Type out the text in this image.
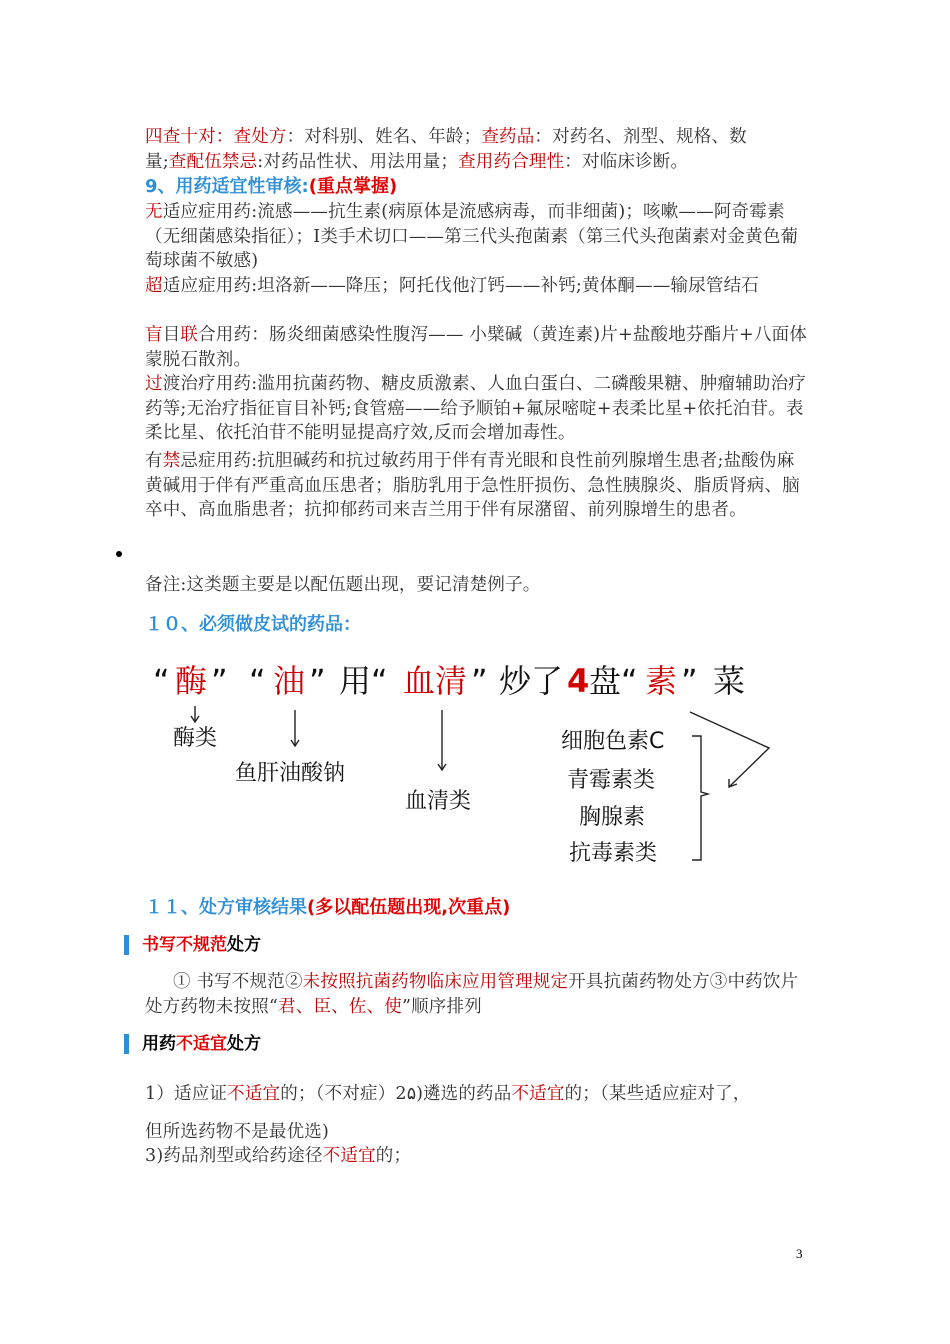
四查十对：查处方：对科别、姓名、年龄；查药品：对药名、剂型、规格、数
量;查配伍禁忌:对药品性状、用法用量；查用药合理性：对临床诊断。
9、用药适宜性审核:(重点掌握)
无适应症用药:流感——抗生素(病原体是流感病毒，而非细菌)；咳嗽——阿奇霉素（无细菌感染指征）；Ⅰ类手术切口——第三代头孢菌素（第三代头孢菌素对金黄色葡萄球菌不敏感)
超适应症用药:坦洛新——降压；阿托伐他汀钙——补钙;黄体酮——输尿管结石
盲目联合用药：肠炎细菌感染性腹泻—— 小檗碱（黄连素)片+盐酸地芬酯片+八面体蒙脱石散剂。
过渡治疗用药:滥用抗菌药物、糖皮质激素、人血白蛋白、二磷酸果糖、肿瘤辅助治疗药等;无治疗指征盲目补钙;食管癌——给予顺铂+氟尿嘧啶+表柔比星+依托泊苷。表柔比星、依托泊苷不能明显提高疗效,反而会增加毒性。
有禁忌症用药:抗胆碱药和抗过敏药用于伴有青光眼和良性前列腺增生患者;盐酸伪麻黄碱用于伴有严重高血压患者；脂肪乳用于急性肝损伤、急性胰腺炎、脂质肾病、脑卒中、高血脂患者；抗抑郁药司来吉兰用于伴有尿潴留、前列腺增生的患者。
备注:这类题主要是以配伍题出现，要记清楚例子。
１０、必须做皮试的药品：
“ 酶 ” “ 油 ” 用 “ 血清 ” 炒了 4 盘 “ 素 ” 菜
酶类
鱼肝油酸钠
血清类
细胞色素C
青霉素类
胸腺素
抗毒素类
１１、处方审核结果(多以配伍题出现,次重点)
书写不规范处方
① 书写不规范②未按照抗菌药物临床应用管理规定开具抗菌药物处方③中药饮片处方药物未按照“君、臣、佐、使”顺序排列
用药不适宜处方
1）适应证不适宜的；（不对症）2۵)遴选的药品不适宜的；（某些适应症对了，
但所选药物不是最优选)
3)药品剂型或给药途径不适宜的；
3
